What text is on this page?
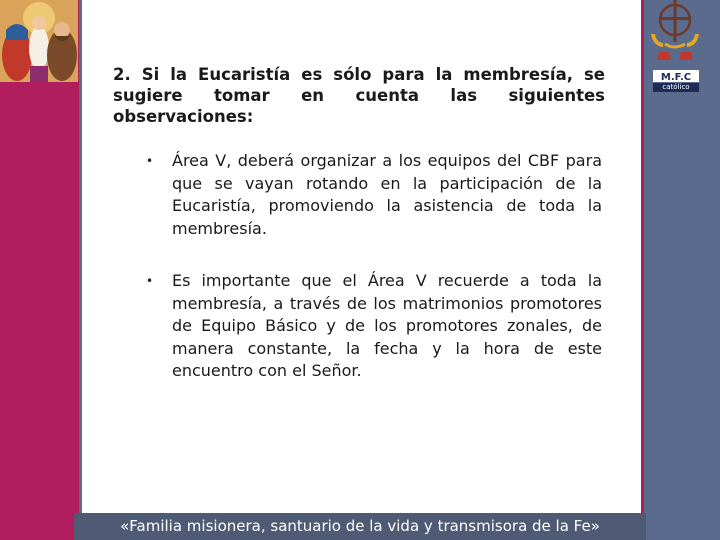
M.F.C
católico

2. Si la Eucaristía es sólo para la membresía, se sugiere tomar en cuenta las siguientes observaciones:

• Área V, deberá organizar a los equipos del CBF para que se vayan rotando en la participación de la Eucaristía, promoviendo la asistencia de toda la membresía.
• Es importante que el Área V recuerde a toda la membresía, a través de los matrimonios promotores de Equipo Básico y de los promotores zonales, de manera constante, la fecha y la hora de este encuentro con el Señor.
«Familia misionera, santuario de la vida y transmisora de la Fe»
